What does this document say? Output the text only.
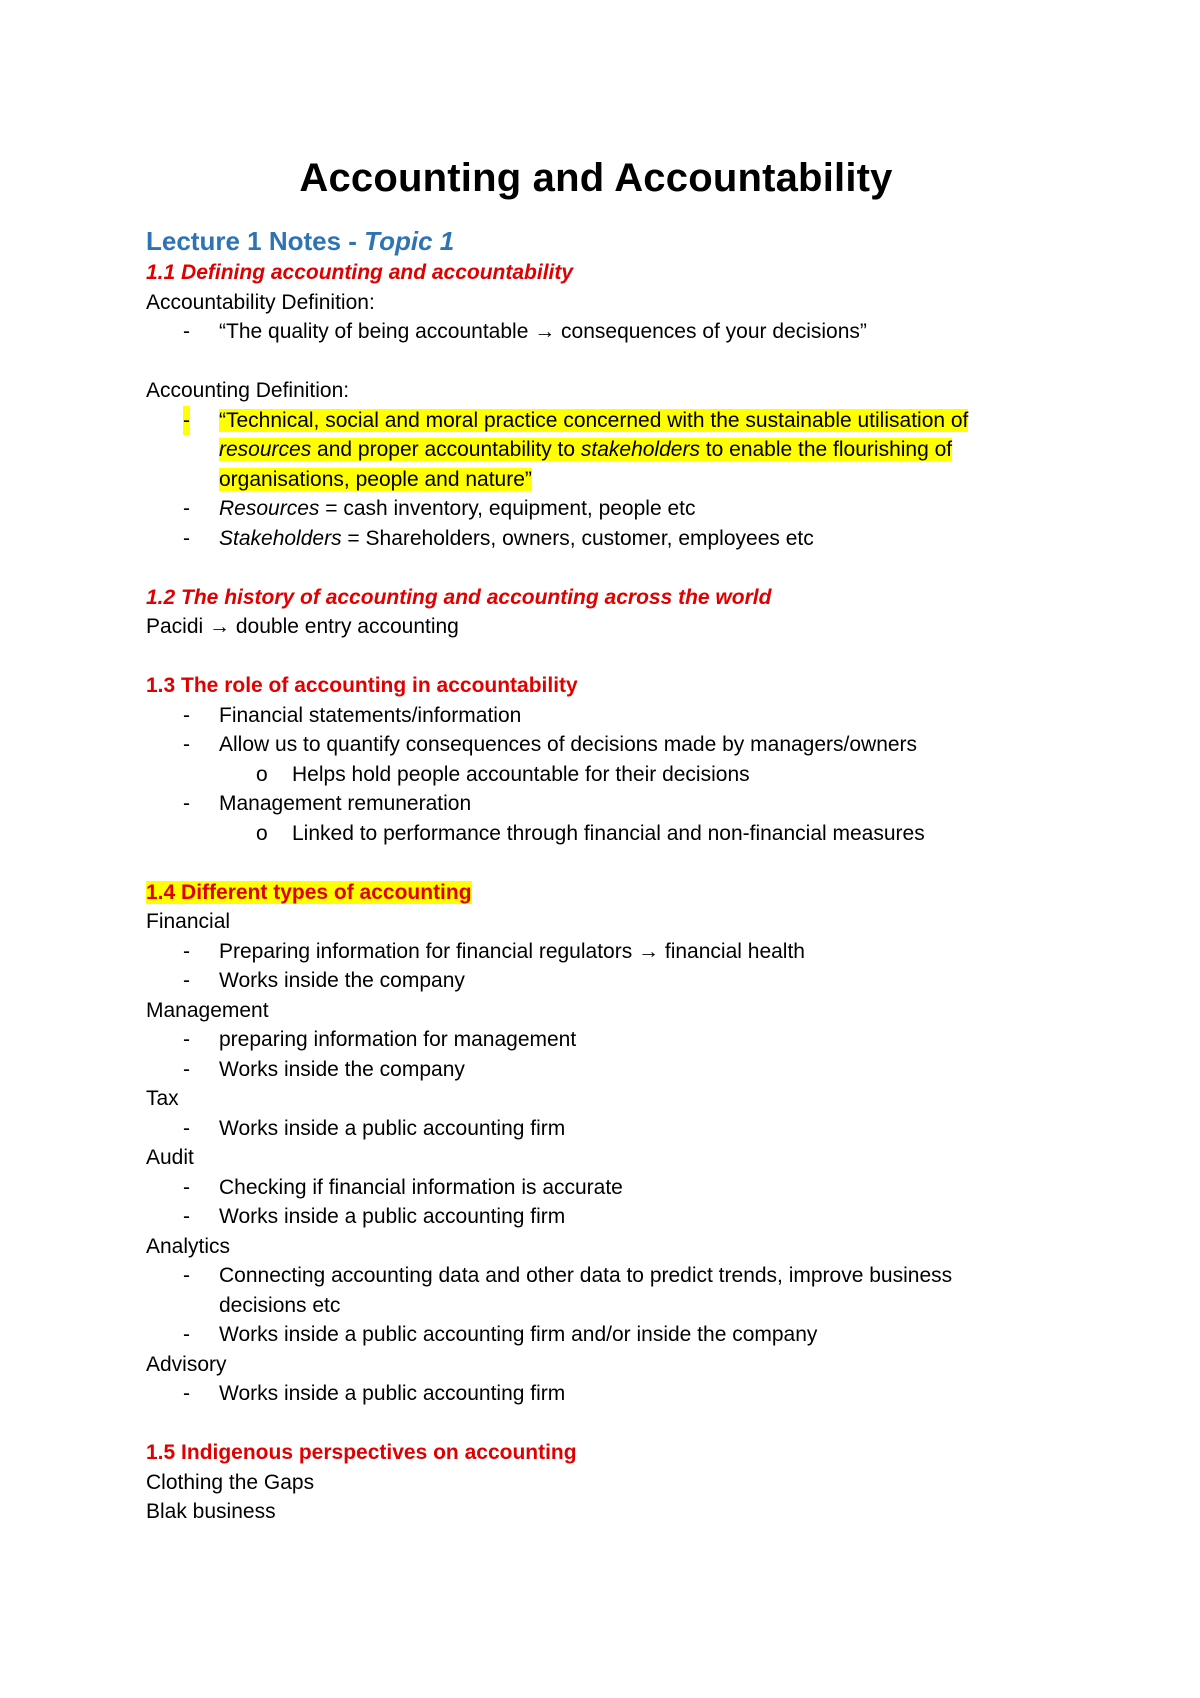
Accounting and Accountability
Lecture 1 Notes - Topic 1
1.1 Defining accounting and accountability
Accountability Definition:
- “The quality of being accountable → consequences of your decisions”
Accounting Definition:
- “Technical, social and moral practice concerned with the sustainable utilisation of
resources and proper accountability to stakeholders to enable the flourishing of
organisations, people and nature”
- Resources = cash inventory, equipment, people etc
- Stakeholders = Shareholders, owners, customer, employees etc
1.2 The history of accounting and accounting across the world
Pacidi → double entry accounting
1.3 The role of accounting in accountability
- Financial statements/information
- Allow us to quantify consequences of decisions made by managers/owners
o Helps hold people accountable for their decisions
- Management remuneration
o Linked to performance through financial and non-financial measures
1.4 Different types of accounting
Financial
- Preparing information for financial regulators → financial health
- Works inside the company
Management
- preparing information for management
- Works inside the company
Tax
- Works inside a public accounting firm
Audit
- Checking if financial information is accurate
- Works inside a public accounting firm
Analytics
- Connecting accounting data and other data to predict trends, improve business
decisions etc
- Works inside a public accounting firm and/or inside the company
Advisory
- Works inside a public accounting firm
1.5 Indigenous perspectives on accounting
Clothing the Gaps
Blak business
